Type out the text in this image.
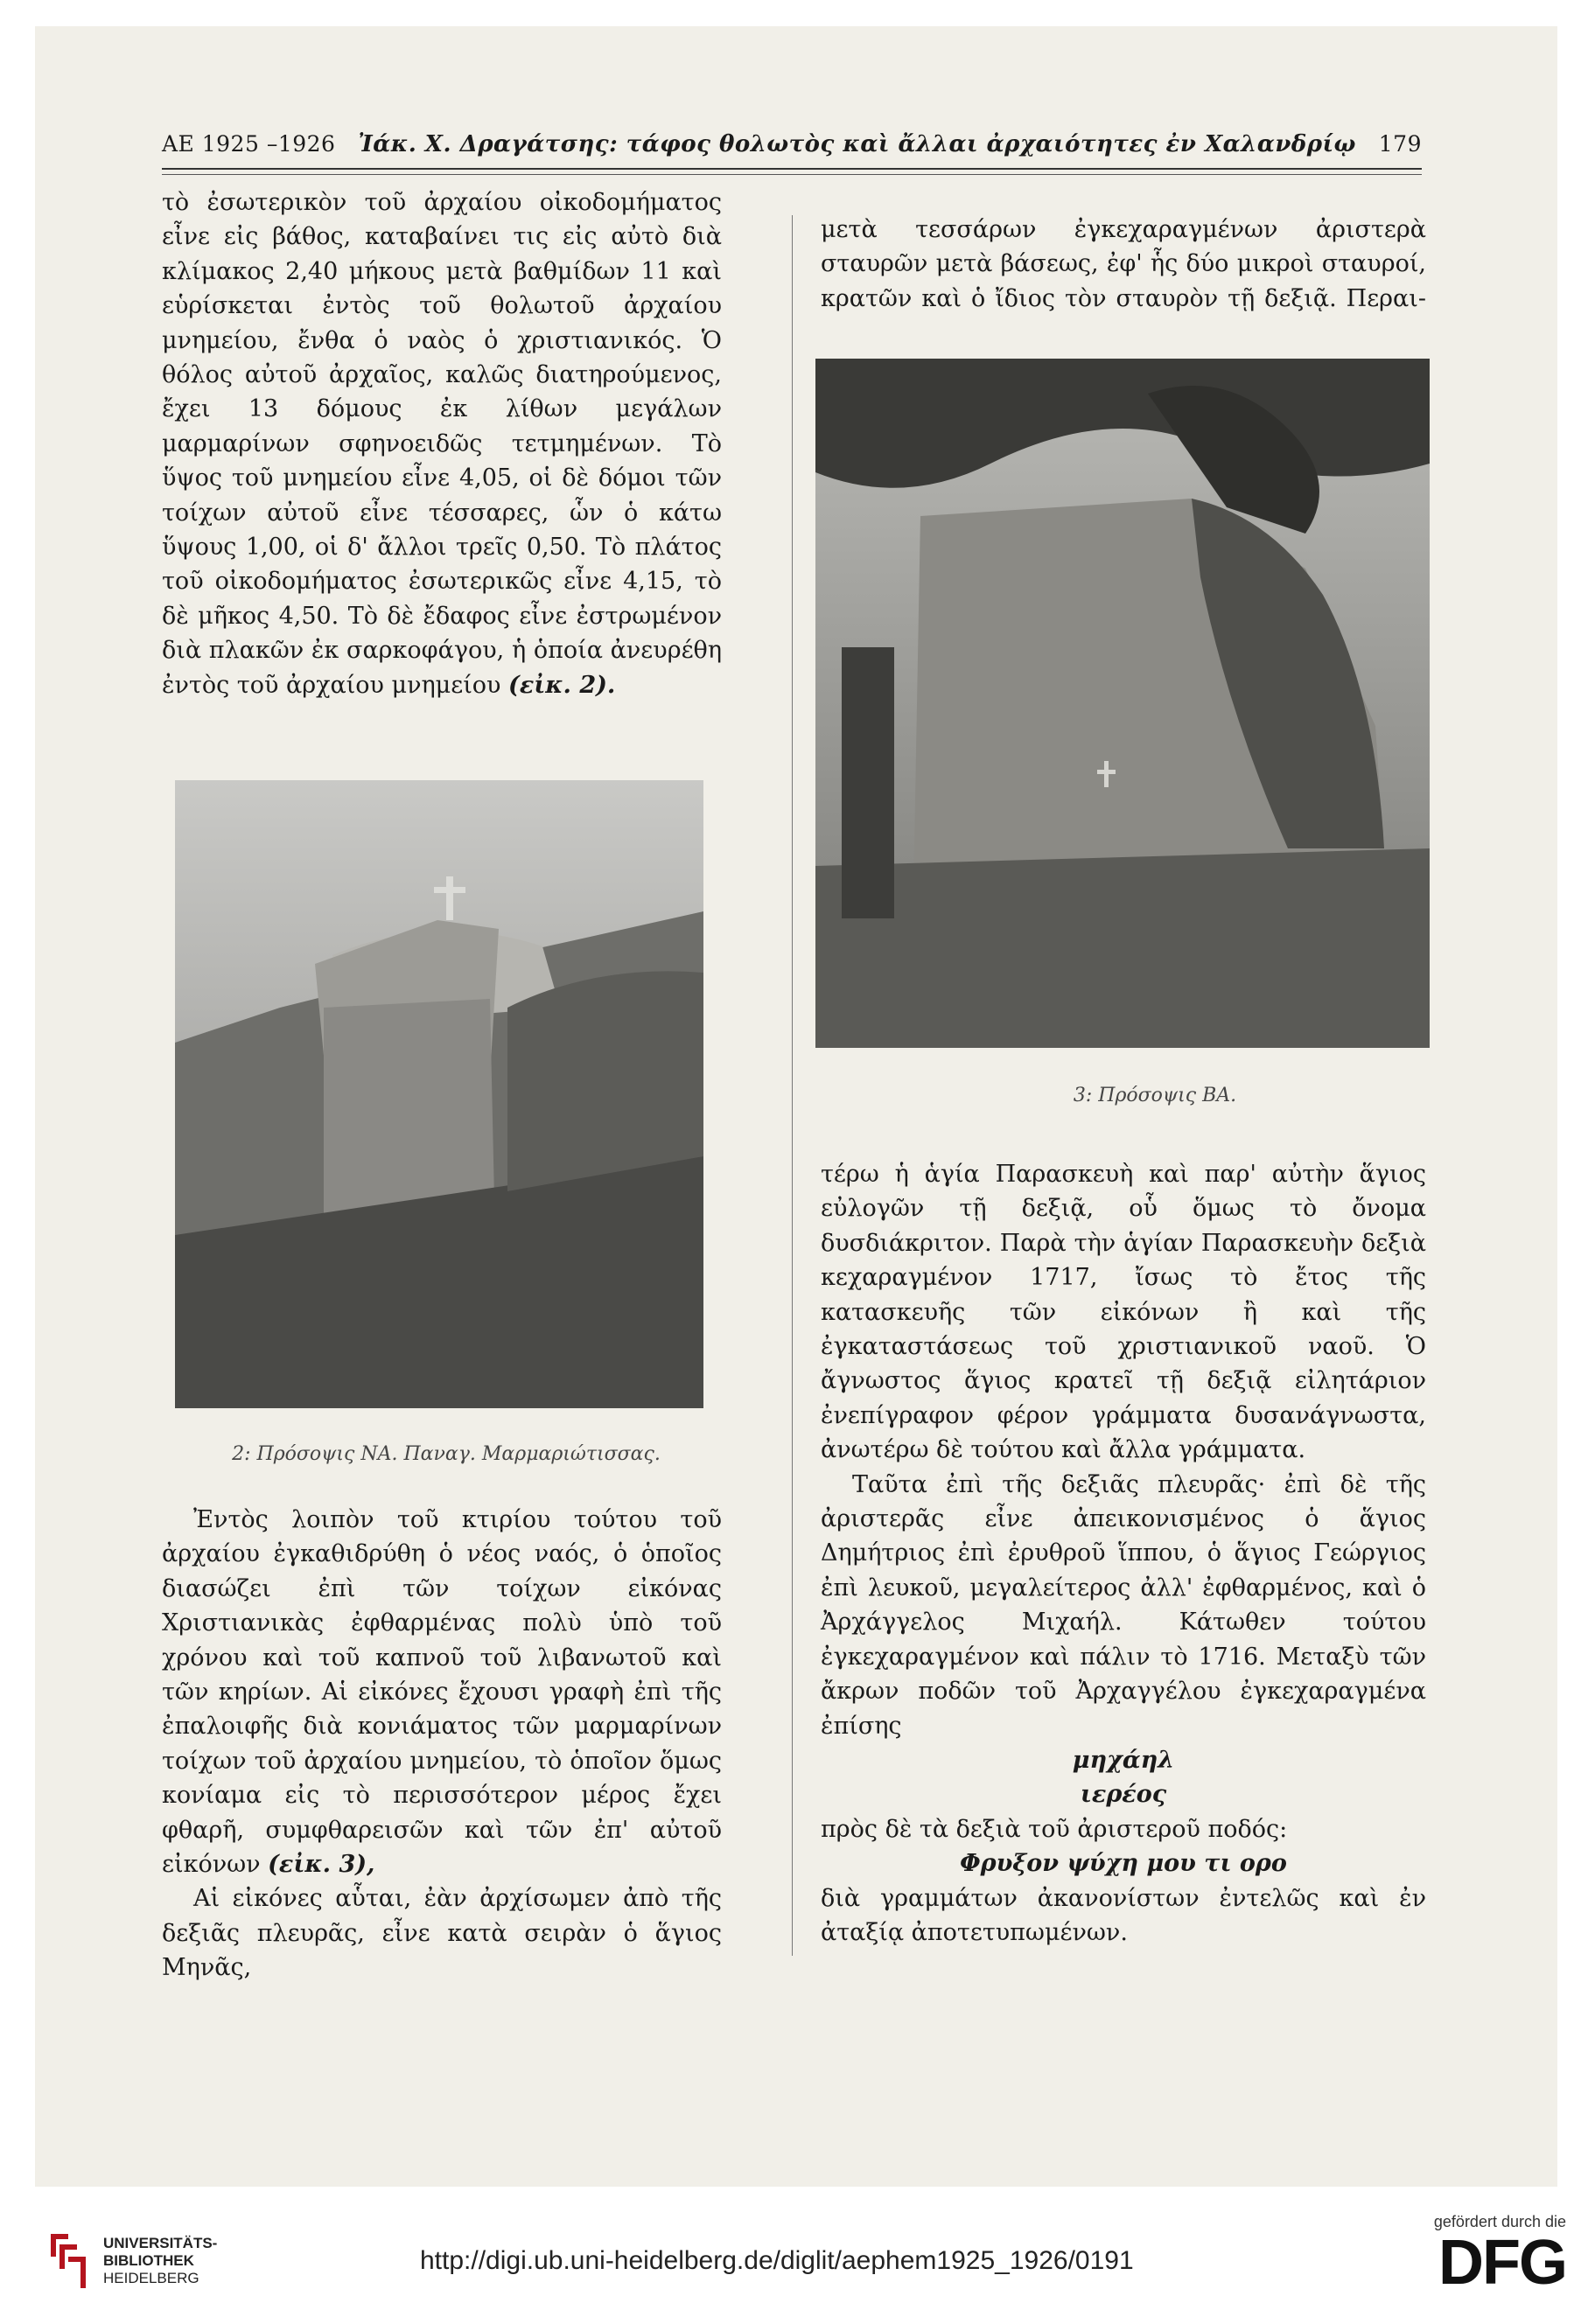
ΑΕ 1925 –1926 Ἰάκ. Χ. Δραγάτσης: τάφος θολωτὸς καὶ ἄλλαι ἀρχαιότητες ἐν Χαλανδρίῳ 179

τὸ ἐσωτερικὸν τοῦ ἀρχαίου οἰκοδομήματος εἶνε εἰς βάθος, καταβαίνει τις εἰς αὐτὸ διὰ κλίμακος 2,40 μήκους μετὰ βαθμίδων 11 καὶ εὑρίσκεται ἐντὸς τοῦ θολωτοῦ ἀρχαίου μνημείου, ἔνθα ὁ ναὸς ὁ χριστιανικός. Ὁ θόλος αὐτοῦ ἀρχαῖος, καλῶς διατηρούμενος, ἔχει 13 δόμους ἐκ λίθων μεγάλων μαρμαρίνων σφηνοειδῶς τετμημένων. Τὸ ὕψος τοῦ μνημείου εἶνε 4,05, οἱ δὲ δόμοι τῶν τοίχων αὐτοῦ εἶνε τέσσαρες, ὧν ὁ κάτω ὕψους 1,00, οἱ δ' ἄλλοι τρεῖς 0,50. Τὸ πλάτος τοῦ οἰκοδομήματος ἐσωτερικῶς εἶνε 4,15, τὸ δὲ μῆκος 4,50. Τὸ δὲ ἔδαφος εἶνε ἐστρωμένον διὰ πλακῶν ἐκ σαρκοφάγου, ἡ ὁποία ἀνευρέθη ἐντὸς τοῦ ἀρχαίου μνημείου (εἰκ. 2).

2: Πρόσοψις ΝΑ. Παναγ. Μαρμαριώτισσας.

Ἐντὸς λοιπὸν τοῦ κτιρίου τούτου τοῦ ἀρχαίου ἐγκαθιδρύθη ὁ νέος ναός, ὁ ὁποῖος διασώζει ἐπὶ τῶν τοίχων εἰκόνας Χριστιανικὰς ἐφθαρμένας πολὺ ὑπὸ τοῦ χρόνου καὶ τοῦ καπνοῦ τοῦ λιβανωτοῦ καὶ τῶν κηρίων. Αἱ εἰκόνες ἔχουσι γραφὴ ἐπὶ τῆς ἐπαλοιφῆς διὰ κονιάματος τῶν μαρμαρίνων τοίχων τοῦ ἀρχαίου μνημείου, τὸ ὁποῖον ὅμως κονίαμα εἰς τὸ περισσότερον μέρος ἔχει φθαρῆ, συμφθαρεισῶν καὶ τῶν ἐπ' αὐτοῦ εἰκόνων (εἰκ. 3),

Αἱ εἰκόνες αὗται, ἐὰν ἀρχίσωμεν ἀπὸ τῆς δεξιᾶς πλευρᾶς, εἶνε κατὰ σειρὰν ὁ ἅγιος Μηνᾶς,

μετὰ τεσσάρων ἐγκεχαραγμένων ἀριστερὰ σταυρῶν μετὰ βάσεως, ἐφ' ἧς δύο μικροὶ σταυροί, κρατῶν καὶ ὁ ἴδιος τὸν σταυρὸν τῇ δεξιᾷ. Περαι-

3: Πρόσοψις ΒΑ.

τέρω ἡ ἁγία Παρασκευὴ καὶ παρ' αὐτὴν ἅγιος εὐλογῶν τῇ δεξιᾷ, οὗ ὅμως τὸ ὄνομα δυσδιάκριτον. Παρὰ τὴν ἁγίαν Παρασκευὴν δεξιὰ κεχαραγμένον 1717, ἴσως τὸ ἔτος τῆς κατασκευῆς τῶν εἰκόνων ἢ καὶ τῆς ἐγκαταστάσεως τοῦ χριστιανικοῦ ναοῦ. Ὁ ἄγνωστος ἅγιος κρατεῖ τῇ δεξιᾷ εἰλητάριον ἐνεπίγραφον φέρον γράμματα δυσανάγνωστα, ἀνωτέρω δὲ τούτου καὶ ἄλλα γράμματα.

Ταῦτα ἐπὶ τῆς δεξιᾶς πλευρᾶς· ἐπὶ δὲ τῆς ἀριστερᾶς εἶνε ἀπεικονισμένος ὁ ἅγιος Δημήτριος ἐπὶ ἐρυθροῦ ἵππου, ὁ ἅγιος Γεώργιος ἐπὶ λευκοῦ, μεγαλείτερος ἀλλ' ἐφθαρμένος, καὶ ὁ Ἀρχάγγελος Μιχαήλ. Κάτωθεν τούτου ἐγκεχαραγμένον καὶ πάλιν τὸ 1716. Μεταξὺ τῶν ἄκρων ποδῶν τοῦ Ἀρχαγγέλου ἐγκεχαραγμένα ἐπίσης

μηχάηλ

ιερέος

πρὸς δὲ τὰ δεξιὰ τοῦ ἀριστεροῦ ποδός:

Φρυξον ψύχη μου τι ορο

διὰ γραμμάτων ἀκανονίστων ἐντελῶς καὶ ἐν ἀταξίᾳ ἀποτετυπωμένων.

UNIVERSITÄTS-
BIBLIOTHEK
HEIDELBERG
http://digi.ub.uni-heidelberg.de/diglit/aephem1925_1926/0191
gefördert durch die
DFG
